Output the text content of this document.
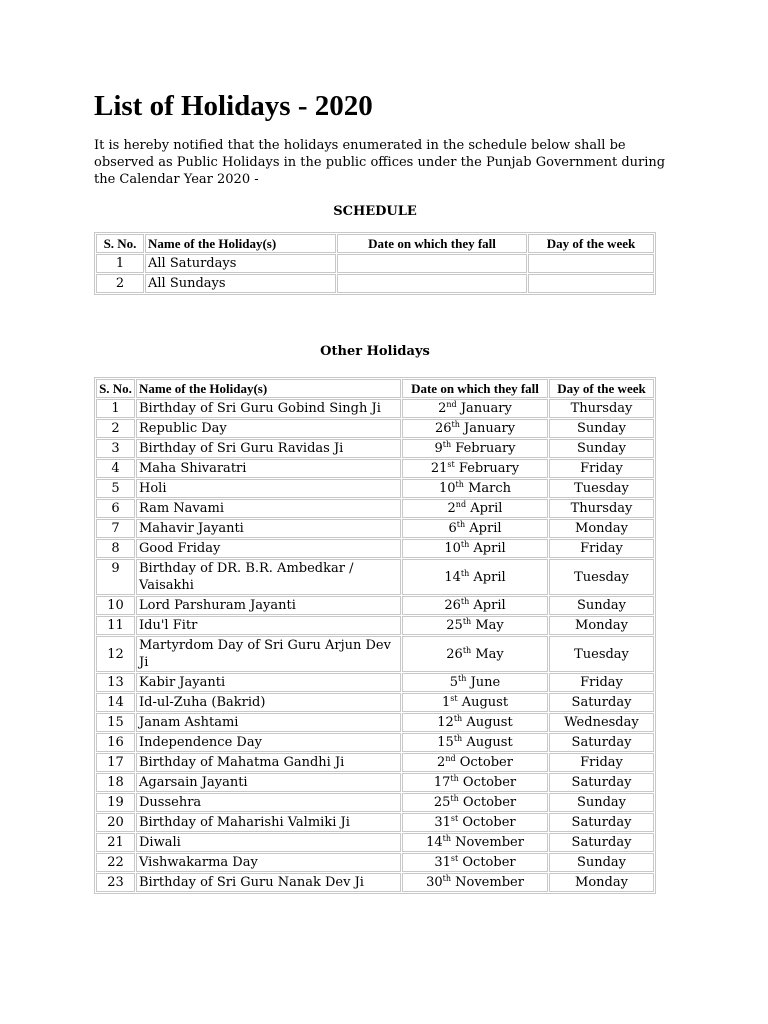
List of Holidays - 2020

It is hereby notified that the holidays enumerated in the schedule below shall be observed as Public Holidays in the public offices under the Punjab Government during the Calendar Year 2020 -

SCHEDULE

S. No.	Name of the Holiday(s)	Date on which they fall	Day of the week
1	All Saturdays		
2	All Sundays		

Other Holidays

S. No.	Name of the Holiday(s)	Date on which they fall	Day of the week
1	Birthday of Sri Guru Gobind Singh Ji	2nd January	Thursday
2	Republic Day	26th January	Sunday
3	Birthday of Sri Guru Ravidas Ji	9th February	Sunday
4	Maha Shivaratri	21st February	Friday
5	Holi	10th March	Tuesday
6	Ram Navami	2nd April	Thursday
7	Mahavir Jayanti	6th April	Monday
8	Good Friday	10th April	Friday
9	Birthday of DR. B.R. Ambedkar / Vaisakhi	14th April	Tuesday
10	Lord Parshuram Jayanti	26th April	Sunday
11	Idu'l Fitr	25th May	Monday
12	Martyrdom Day of Sri Guru Arjun Dev Ji	26th May	Tuesday
13	Kabir Jayanti	5th June	Friday
14	Id-ul-Zuha (Bakrid)	1st August	Saturday
15	Janam Ashtami	12th August	Wednesday
16	Independence Day	15th August	Saturday
17	Birthday of Mahatma Gandhi Ji	2nd October	Friday
18	Agarsain Jayanti	17th October	Saturday
19	Dussehra	25th October	Sunday
20	Birthday of Maharishi Valmiki Ji	31st October	Saturday
21	Diwali	14th November	Saturday
22	Vishwakarma Day	31st October	Sunday
23	Birthday of Sri Guru Nanak Dev Ji	30th November	Monday
